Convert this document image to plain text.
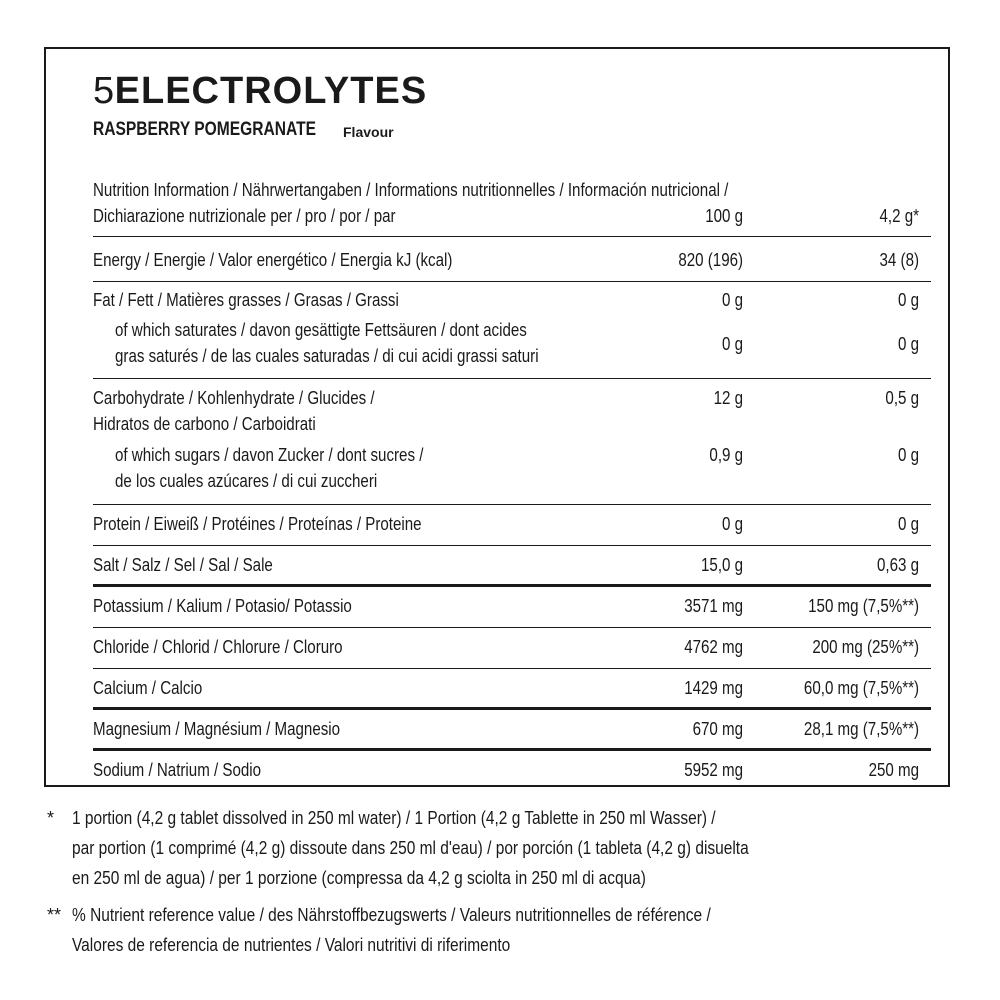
5ELECTROLYTES
RASPBERRY POMEGRANATE Flavour
Nutrition Information / Nährwertangaben / Informations nutritionnelles / Información nutricional /
Dichiarazione nutrizionale per / pro / por / par	100 g	4,2 g*
Energy / Energie / Valor energético / Energia kJ (kcal)	820 (196)	34 (8)
Fat / Fett / Matières grasses / Grasas / Grassi	0 g	0 g
of which saturates / davon gesättigte Fettsäuren / dont acides
gras saturés / de las cuales saturadas / di cui acidi grassi saturi
0 g	0 g
Carbohydrate / Kohlenhydrate / Glucides /
Hidratos de carbono / Carboidrati
12 g	0,5 g
of which sugars / davon Zucker / dont sucres /
de los cuales azúcares / di cui zuccheri
0,9 g	0 g
Protein / Eiweiß / Protéines / Proteínas / Proteine	0 g	0 g
Salt / Salz / Sel / Sal / Sale	15,0 g	0,63 g
Potassium / Kalium / Potasio/ Potassio	3571 mg	150 mg (7,5%**)
Chloride / Chlorid / Chlorure / Cloruro	4762 mg	200 mg (25%**)
Calcium / Calcio	1429 mg	60,0 mg (7,5%**)
Magnesium / Magnésium / Magnesio	670 mg	28,1 mg (7,5%**)
Sodium / Natrium / Sodio	5952 mg	250 mg
* 1 portion (4,2 g tablet dissolved in 250 ml water) / 1 Portion (4,2 g Tablette in 250 ml Wasser) /
par portion (1 comprimé (4,2 g) dissoute dans 250 ml d'eau) / por porción (1 tableta (4,2 g) disuelta
en 250 ml de agua) / per 1 porzione (compressa da 4,2 g sciolta in 250 ml di acqua)
** % Nutrient reference value / des Nährstoffbezugswerts / Valeurs nutritionnelles de référence /
Valores de referencia de nutrientes / Valori nutritivi di riferimento
